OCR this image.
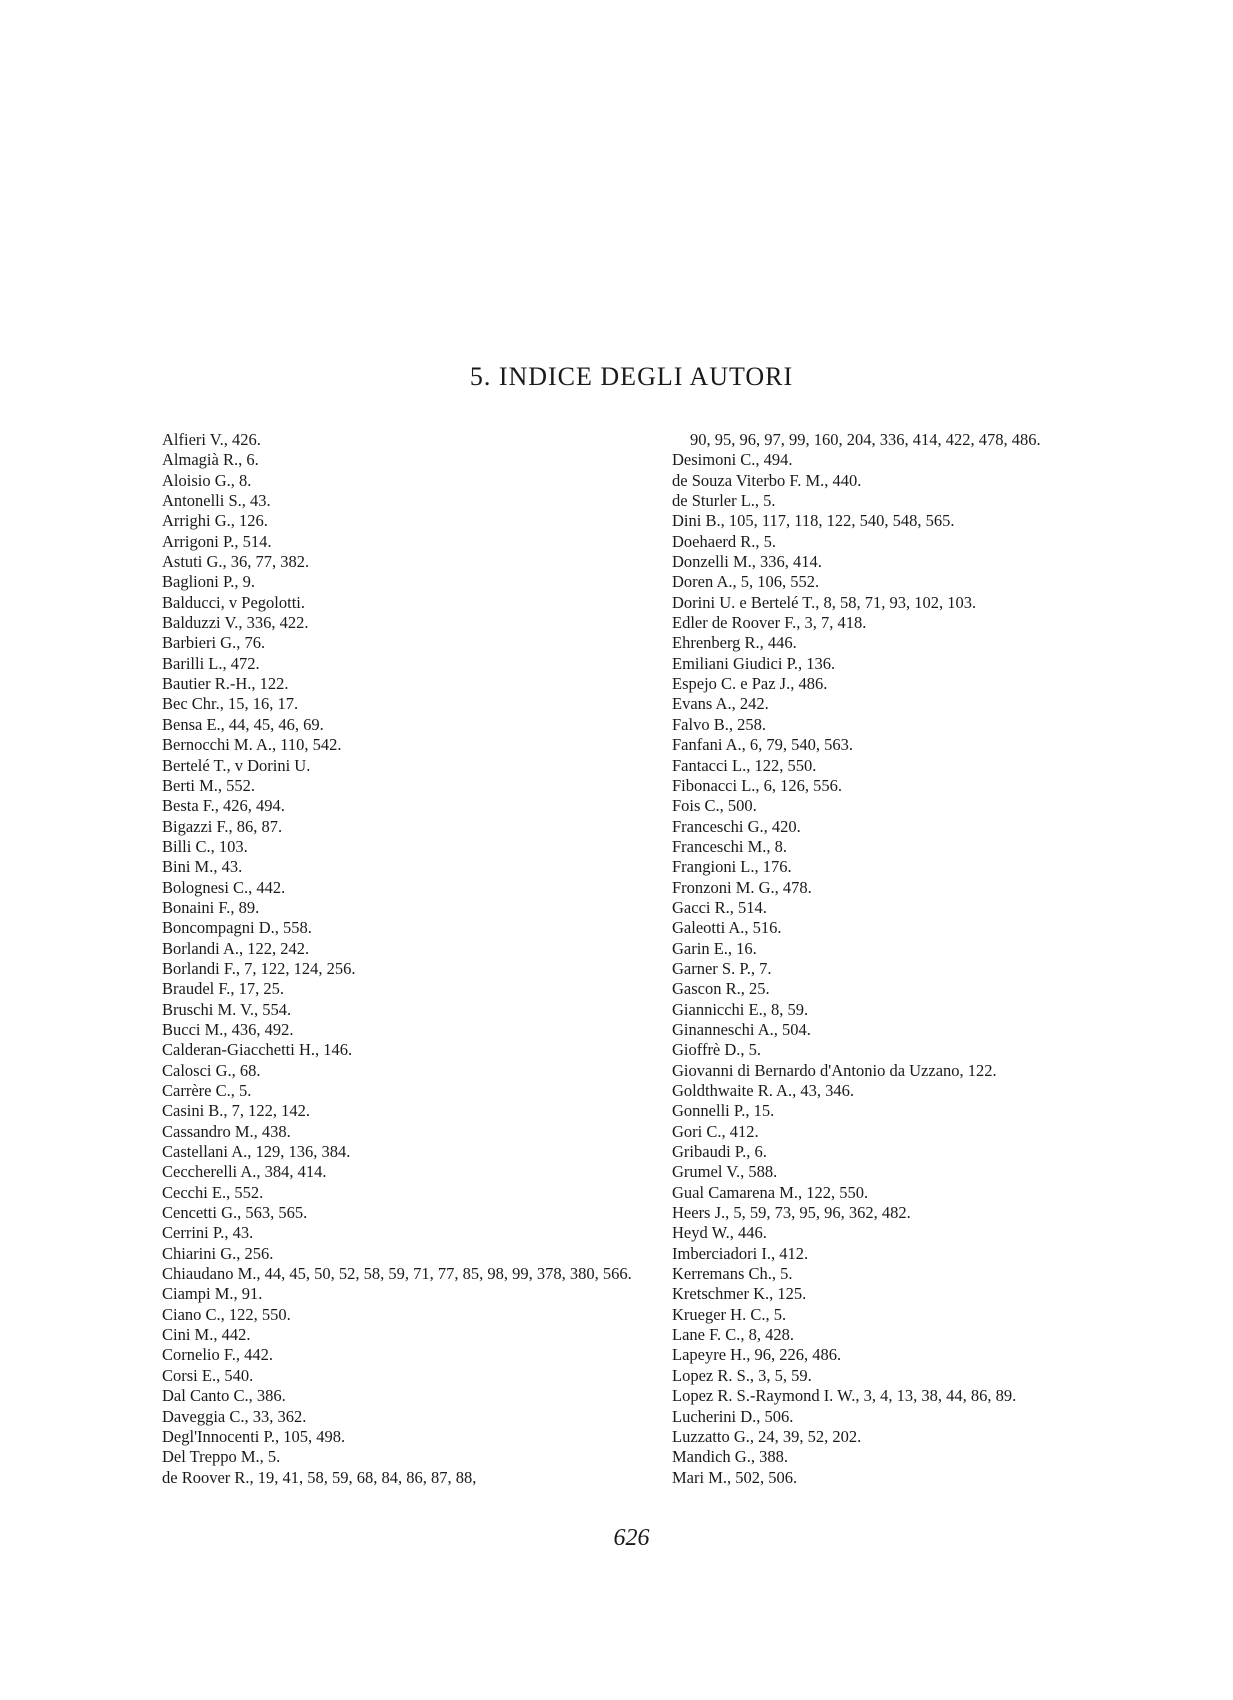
5. INDICE DEGLI AUTORI
Alfieri V., 426.
Almagià R., 6.
Aloisio G., 8.
Antonelli S., 43.
Arrighi G., 126.
Arrigoni P., 514.
Astuti G., 36, 77, 382.
Baglioni P., 9.
Balducci, v Pegolotti.
Balduzzi V., 336, 422.
Barbieri G., 76.
Barilli L., 472.
Bautier R.-H., 122.
Bec Chr., 15, 16, 17.
Bensa E., 44, 45, 46, 69.
Bernocchi M. A., 110, 542.
Bertelé T., v Dorini U.
Berti M., 552.
Besta F., 426, 494.
Bigazzi F., 86, 87.
Billi C., 103.
Bini M., 43.
Bolognesi C., 442.
Bonaini F., 89.
Boncompagni D., 558.
Borlandi A., 122, 242.
Borlandi F., 7, 122, 124, 256.
Braudel F., 17, 25.
Bruschi M. V., 554.
Bucci M., 436, 492.
Calderan-Giacchetti H., 146.
Calosci G., 68.
Carrère C., 5.
Casini B., 7, 122, 142.
Cassandro M., 438.
Castellani A., 129, 136, 384.
Ceccherelli A., 384, 414.
Cecchi E., 552.
Cencetti G., 563, 565.
Cerrini P., 43.
Chiarini G., 256.
Chiaudano M., 44, 45, 50, 52, 58, 59, 71, 77, 85, 98, 99, 378, 380, 566.
Ciampi M., 91.
Ciano C., 122, 550.
Cini M., 442.
Cornelio F., 442.
Corsi E., 540.
Dal Canto C., 386.
Daveggia C., 33, 362.
Degl'Innocenti P., 105, 498.
Del Treppo M., 5.
de Roover R., 19, 41, 58, 59, 68, 84, 86, 87, 88,
90, 95, 96, 97, 99, 160, 204, 336, 414, 422, 478, 486.
Desimoni C., 494.
de Souza Viterbo F. M., 440.
de Sturler L., 5.
Dini B., 105, 117, 118, 122, 540, 548, 565.
Doehaerd R., 5.
Donzelli M., 336, 414.
Doren A., 5, 106, 552.
Dorini U. e Bertelé T., 8, 58, 71, 93, 102, 103.
Edler de Roover F., 3, 7, 418.
Ehrenberg R., 446.
Emiliani Giudici P., 136.
Espejo C. e Paz J., 486.
Evans A., 242.
Falvo B., 258.
Fanfani A., 6, 79, 540, 563.
Fantacci L., 122, 550.
Fibonacci L., 6, 126, 556.
Fois C., 500.
Franceschi G., 420.
Franceschi M., 8.
Frangioni L., 176.
Fronzoni M. G., 478.
Gacci R., 514.
Galeotti A., 516.
Garin E., 16.
Garner S. P., 7.
Gascon R., 25.
Giannicchi E., 8, 59.
Ginanneschi A., 504.
Gioffrè D., 5.
Giovanni di Bernardo d'Antonio da Uzzano, 122.
Goldthwaite R. A., 43, 346.
Gonnelli P., 15.
Gori C., 412.
Gribaudi P., 6.
Grumel V., 588.
Gual Camarena M., 122, 550.
Heers J., 5, 59, 73, 95, 96, 362, 482.
Heyd W., 446.
Imberciadori I., 412.
Kerremans Ch., 5.
Kretschmer K., 125.
Krueger H. C., 5.
Lane F. C., 8, 428.
Lapeyre H., 96, 226, 486.
Lopez R. S., 3, 5, 59.
Lopez R. S.-Raymond I. W., 3, 4, 13, 38, 44, 86, 89.
Lucherini D., 506.
Luzzatto G., 24, 39, 52, 202.
Mandich G., 388.
Mari M., 502, 506.
626
